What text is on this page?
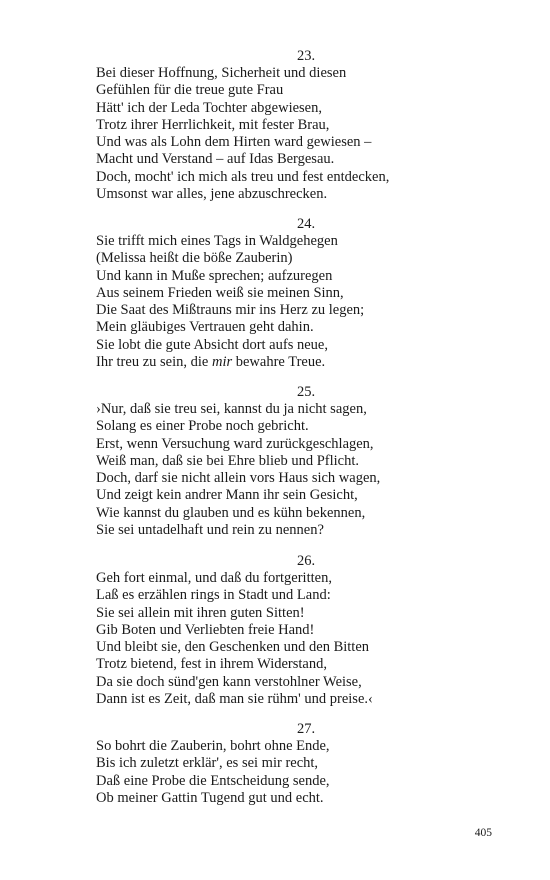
23.
Bei dieser Hoffnung, Sicherheit und diesen
Gefühlen für die treue gute Frau
Hätt' ich der Leda Tochter abgewiesen,
Trotz ihrer Herrlichkeit, mit fester Brau,
Und was als Lohn dem Hirten ward gewiesen –
Macht und Verstand – auf Idas Bergesau.
Doch, mocht' ich mich als treu und fest entdecken,
Umsonst war alles, jene abzuschrecken.
24.
Sie trifft mich eines Tags in Waldgehegen
(Melissa heißt die böße Zauberin)
Und kann in Muße sprechen; aufzuregen
Aus seinem Frieden weiß sie meinen Sinn,
Die Saat des Mißtrauns mir ins Herz zu legen;
Mein gläubiges Vertrauen geht dahin.
Sie lobt die gute Absicht dort aufs neue,
Ihr treu zu sein, die mir bewahre Treue.
25.
›Nur, daß sie treu sei, kannst du ja nicht sagen,
Solang es einer Probe noch gebricht.
Erst, wenn Versuchung ward zurückgeschlagen,
Weiß man, daß sie bei Ehre blieb und Pflicht.
Doch, darf sie nicht allein vors Haus sich wagen,
Und zeigt kein andrer Mann ihr sein Gesicht,
Wie kannst du glauben und es kühn bekennen,
Sie sei untadelhaft und rein zu nennen?
26.
Geh fort einmal, und daß du fortgeritten,
Laß es erzählen rings in Stadt und Land:
Sie sei allein mit ihren guten Sitten!
Gib Boten und Verliebten freie Hand!
Und bleibt sie, den Geschenken und den Bitten
Trotz bietend, fest in ihrem Widerstand,
Da sie doch sünd'gen kann verstohlner Weise,
Dann ist es Zeit, daß man sie rühm' und preise.‹
27.
So bohrt die Zauberin, bohrt ohne Ende,
Bis ich zuletzt erklär', es sei mir recht,
Daß eine Probe die Entscheidung sende,
Ob meiner Gattin Tugend gut und echt.
405
